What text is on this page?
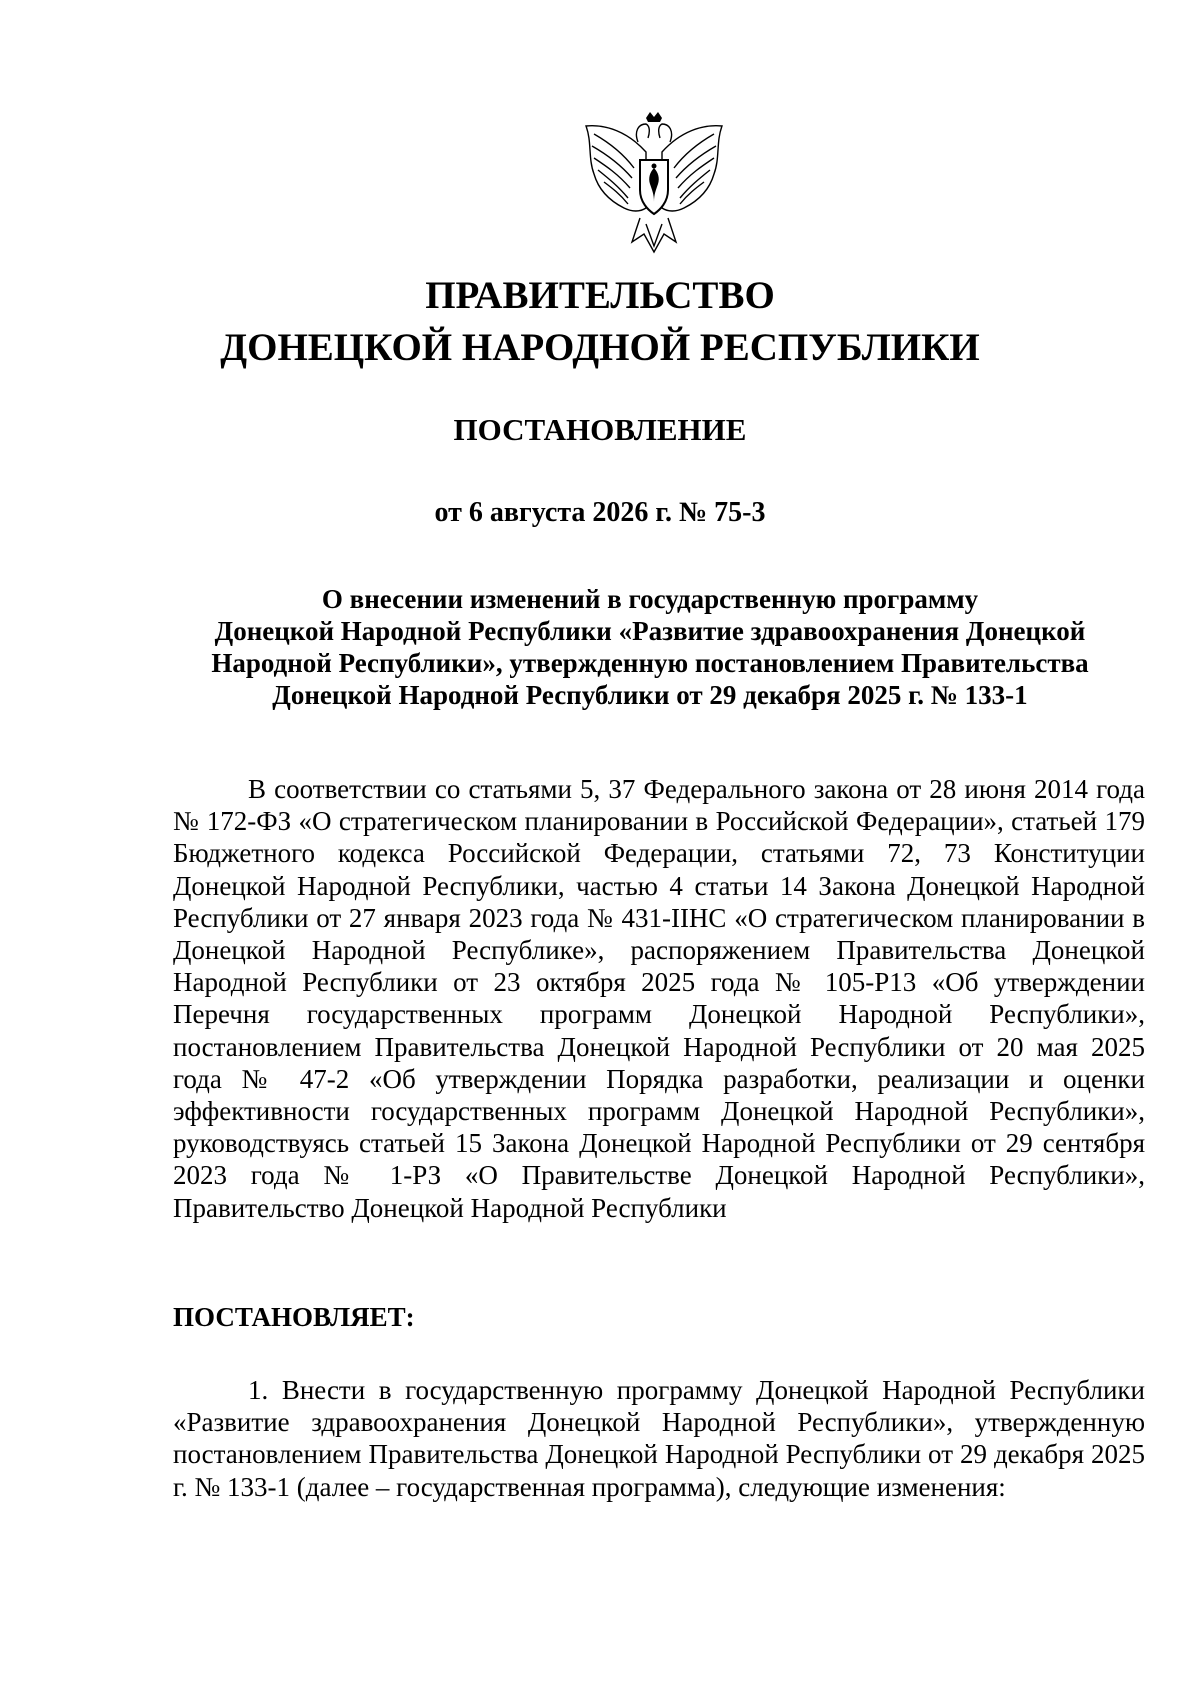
ПРАВИТЕЛЬСТВО
ДОНЕЦКОЙ НАРОДНОЙ РЕСПУБЛИКИ
ПОСТАНОВЛЕНИЕ
от 6 августа 2026 г. № 75-3
О внесении изменений в государственную программу
Донецкой Народной Республики «Развитие здравоохранения Донецкой
Народной Республики», утвержденную постановлением Правительства
Донецкой Народной Республики от 29 декабря 2025 г. № 133-1

В соответствии со статьями 5, 37 Федерального закона от 28 июня 2014 года № 172-ФЗ «О стратегическом планировании в Российской Федерации», статьей 179 Бюджетного кодекса Российской Федерации, статьями 72, 73 Конституции Донецкой Народной Республики, частью 4 статьи 14 Закона Донецкой Народной Республики от 27 января 2023 года № 431-IIНС «О стратегическом планировании в Донецкой Народной Республике», распоряжением Правительства Донецкой Народной Республики от 23 октября 2025 года № 105-Р13 «Об утверждении Перечня государственных программ Донецкой Народной Республики», постановлением Правительства Донецкой Народной Республики от 20 мая 2025 года № 47-2 «Об утверждении Порядка разработки, реализации и оценки эффективности государственных программ Донецкой Народной Республики», руководствуясь статьей 15 Закона Донецкой Народной Республики от 29 сентября 2023 года № 1-РЗ «О Правительстве Донецкой Народной Республики», Правительство Донецкой Народной Республики

ПОСТАНОВЛЯЕТ:

1. Внести в государственную программу Донецкой Народной Республики «Развитие здравоохранения Донецкой Народной Республики», утвержденную постановлением Правительства Донецкой Народной Республики от 29 декабря 2025 г. № 133-1 (далее – государственная программа), следующие изменения:
